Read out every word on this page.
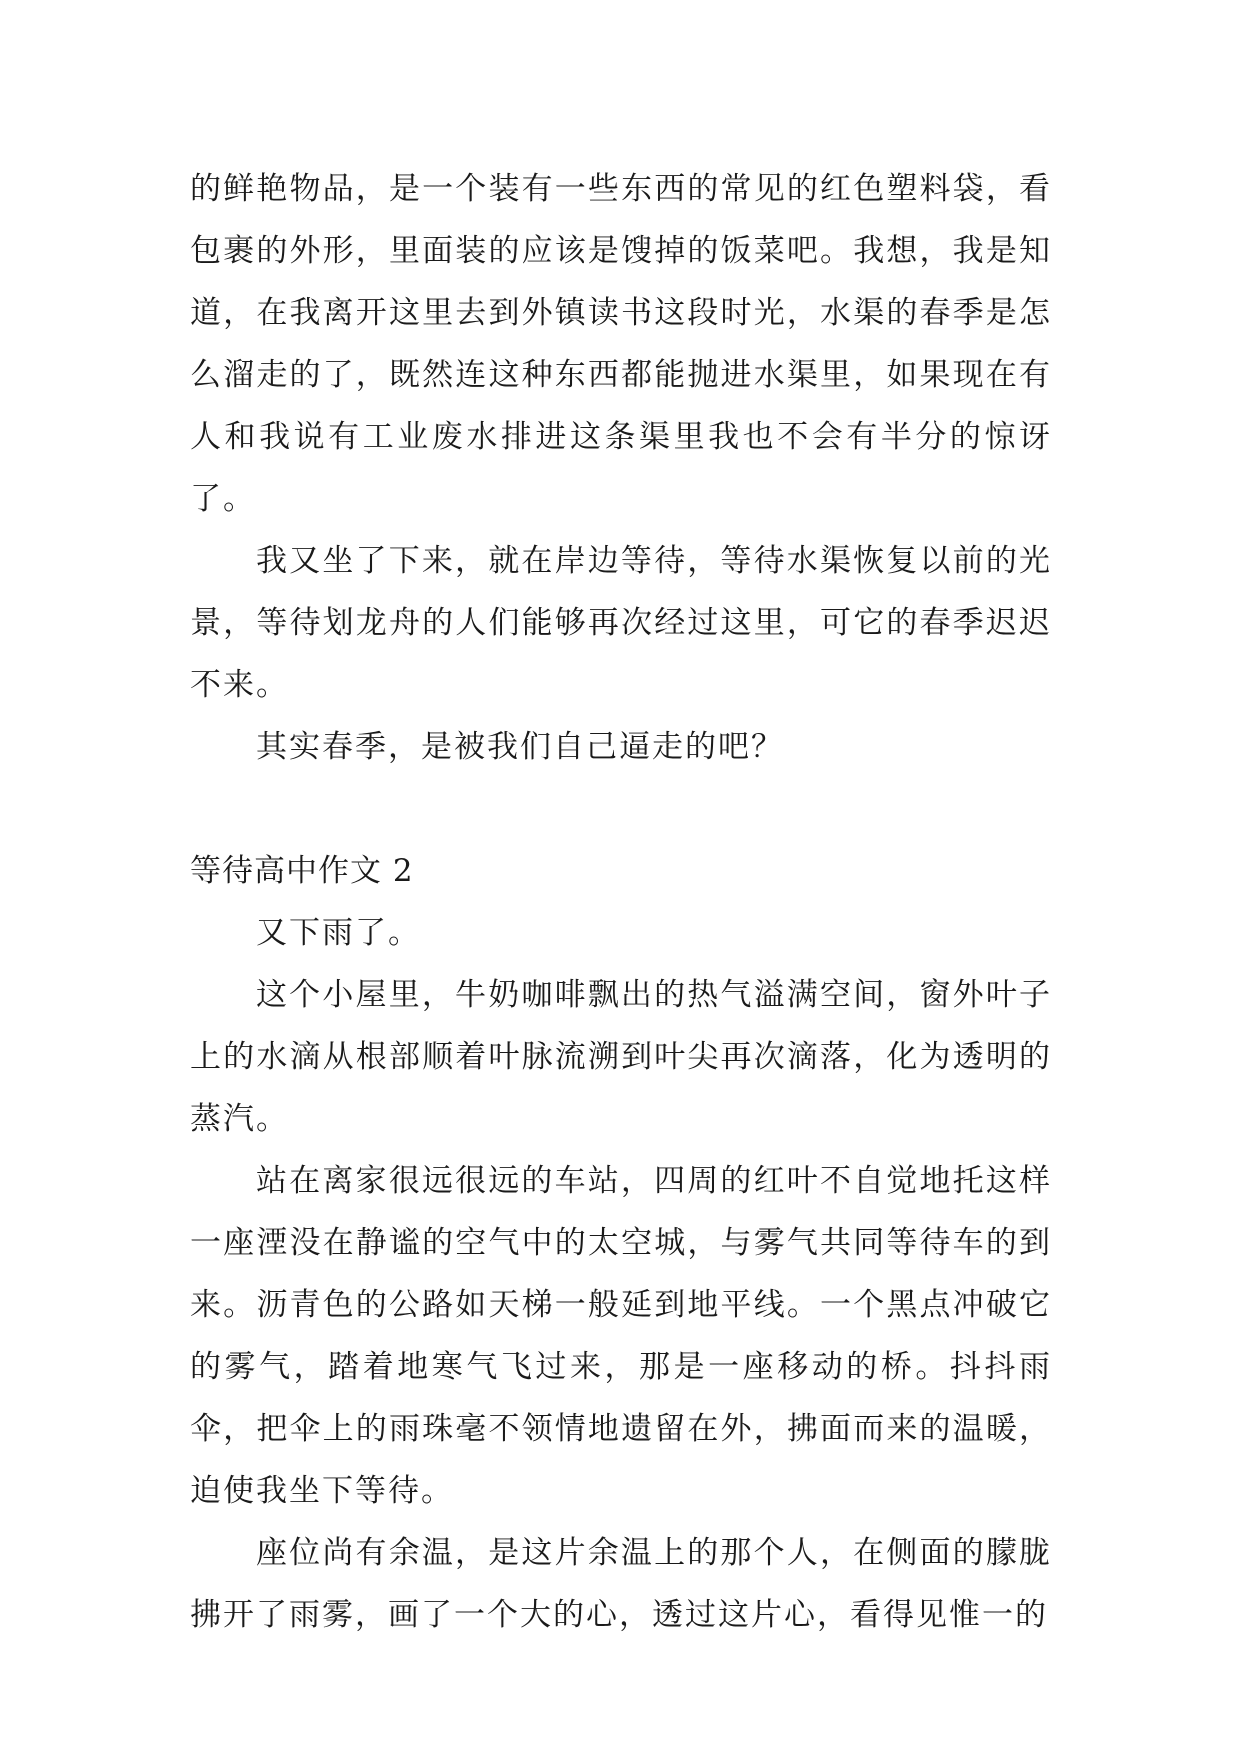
的鲜艳物品，是一个装有一些东西的常见的红色塑料袋，看包裹的外形，里面装的应该是馊掉的饭菜吧。我想，我是知道，在我离开这里去到外镇读书这段时光，水渠的春季是怎么溜走的了，既然连这种东西都能抛进水渠里，如果现在有人和我说有工业废水排进这条渠里我也不会有半分的惊讶了。

我又坐了下来，就在岸边等待，等待水渠恢复以前的光景，等待划龙舟的人们能够再次经过这里，可它的春季迟迟不来。

其实春季，是被我们自己逼走的吧？

等待高中作文 2

又下雨了。

这个小屋里，牛奶咖啡飘出的热气溢满空间，窗外叶子上的水滴从根部顺着叶脉流溯到叶尖再次滴落，化为透明的蒸汽。

站在离家很远很远的车站，四周的红叶不自觉地托这样一座湮没在静谧的空气中的太空城，与雾气共同等待车的到来。沥青色的公路如天梯一般延到地平线。一个黑点冲破它的雾气，踏着地寒气飞过来，那是一座移动的桥。抖抖雨伞，把伞上的雨珠毫不领情地遗留在外，拂面而来的温暖，迫使我坐下等待。

座位尚有余温，是这片余温上的那个人，在侧面的朦胧拂开了雨雾，画了一个大的心，透过这片心，看得见惟一的
